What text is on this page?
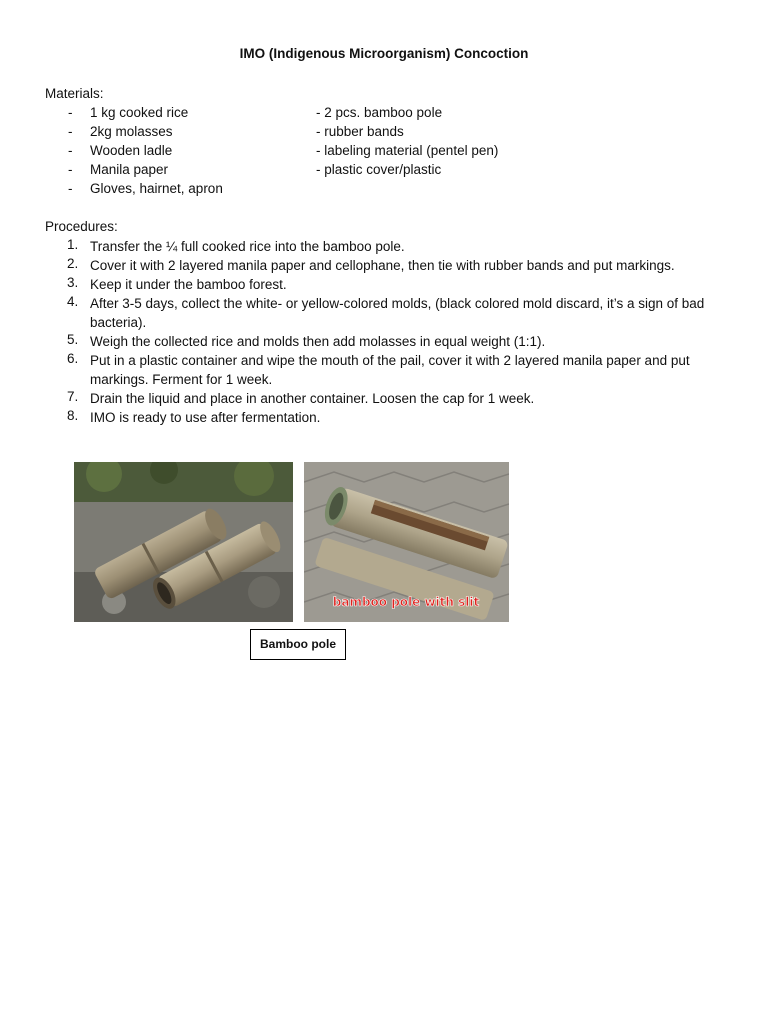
IMO (Indigenous Microorganism) Concoction
Materials:
- 1 kg cooked rice	- 2 pcs. bamboo pole
- 2kg molasses	- rubber bands
- Wooden ladle	- labeling material (pentel pen)
- Manila paper	- plastic cover/plastic
- Gloves, hairnet, apron
Procedures:
1. Transfer the ¼ full cooked rice into the bamboo pole.
2. Cover it with 2 layered manila paper and cellophane, then tie with rubber bands and put markings.
3. Keep it under the bamboo forest.
4. After 3-5 days, collect the white- or yellow-colored molds, (black colored mold discard, it’s a sign of bad bacteria).
5. Weigh the collected rice and molds then add molasses in equal weight (1:1).
6. Put in a plastic container and wipe the mouth of the pail, cover it with 2 layered manila paper and put markings. Ferment for 1 week.
7. Drain the liquid and place in another container. Loosen the cap for 1 week.
8. IMO is ready to use after fermentation.
bamboo pole with slit
Bamboo pole
